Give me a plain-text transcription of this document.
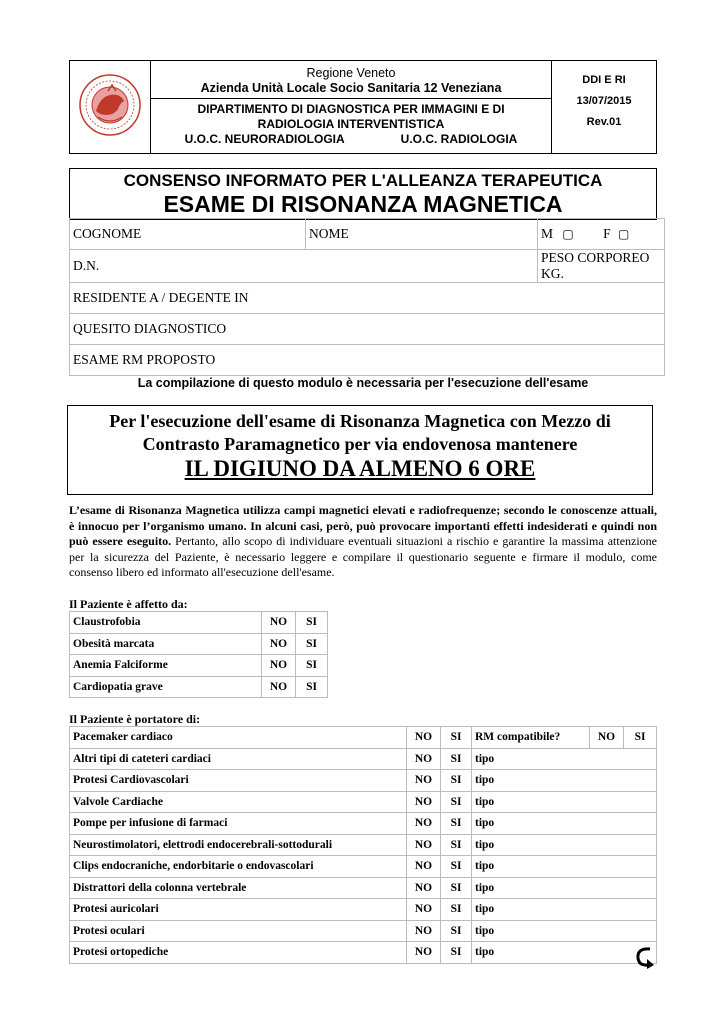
Regione Veneto
Azienda Unità Locale Socio Sanitaria 12 Veneziana
DIPARTIMENTO DI DIAGNOSTICA PER IMMAGINI E DI
RADIOLOGIA INTERVENTISTICA
U.O.C. NEURORADIOLOGIA	U.O.C. RADIOLOGIA
DDI E RI
13/07/2015
Rev.01
CONSENSO INFORMATO PER L'ALLEANZA TERAPEUTICA
ESAME DI RISONANZA MAGNETICA
COGNOME	NOME	M ▢ F ▢
D.N.		PESO CORPOREO KG.
RESIDENTE A / DEGENTE IN		
QUESITO DIAGNOSTICO		
ESAME RM PROPOSTO		
La compilazione di questo modulo è necessaria per l'esecuzione dell'esame
Per l'esecuzione dell'esame di Risonanza Magnetica con Mezzo di
Contrasto Paramagnetico per via endovenosa mantenere
IL DIGIUNO DA ALMENO 6 ORE
L’esame di Risonanza Magnetica utilizza campi magnetici elevati e radiofrequenze; secondo le conoscenze attuali, è innocuo per l’organismo umano. In alcuni casi, però, può provocare importanti effetti indesiderati e quindi non può essere eseguito. Pertanto, allo scopo di individuare eventuali situazioni a rischio e garantire la massima attenzione per la sicurezza del Paziente, è necessario leggere e compilare il questionario seguente e firmare il modulo, come consenso libero ed informato all'esecuzione dell'esame.
Il Paziente è affetto da:
Claustrofobia	NO	SI
Obesità marcata	NO	SI
Anemia Falciforme	NO	SI
Cardiopatia grave	NO	SI
Il Paziente è portatore di:
Pacemaker cardiaco	NO	SI	RM compatibile?	NO	SI
Altri tipi di cateteri cardiaci	NO	SI	tipo		
Protesi Cardiovascolari	NO	SI	tipo		
Valvole Cardiache	NO	SI	tipo		
Pompe per infusione di farmaci	NO	SI	tipo		
Neurostimolatori, elettrodi endocerebrali-sottodurali	NO	SI	tipo		
Clips endocraniche, endorbitarie o endovascolari	NO	SI	tipo		
Distrattori della colonna vertebrale	NO	SI	tipo		
Protesi auricolari	NO	SI	tipo		
Protesi oculari	NO	SI	tipo		
Protesi ortopediche	NO	SI	tipo		
